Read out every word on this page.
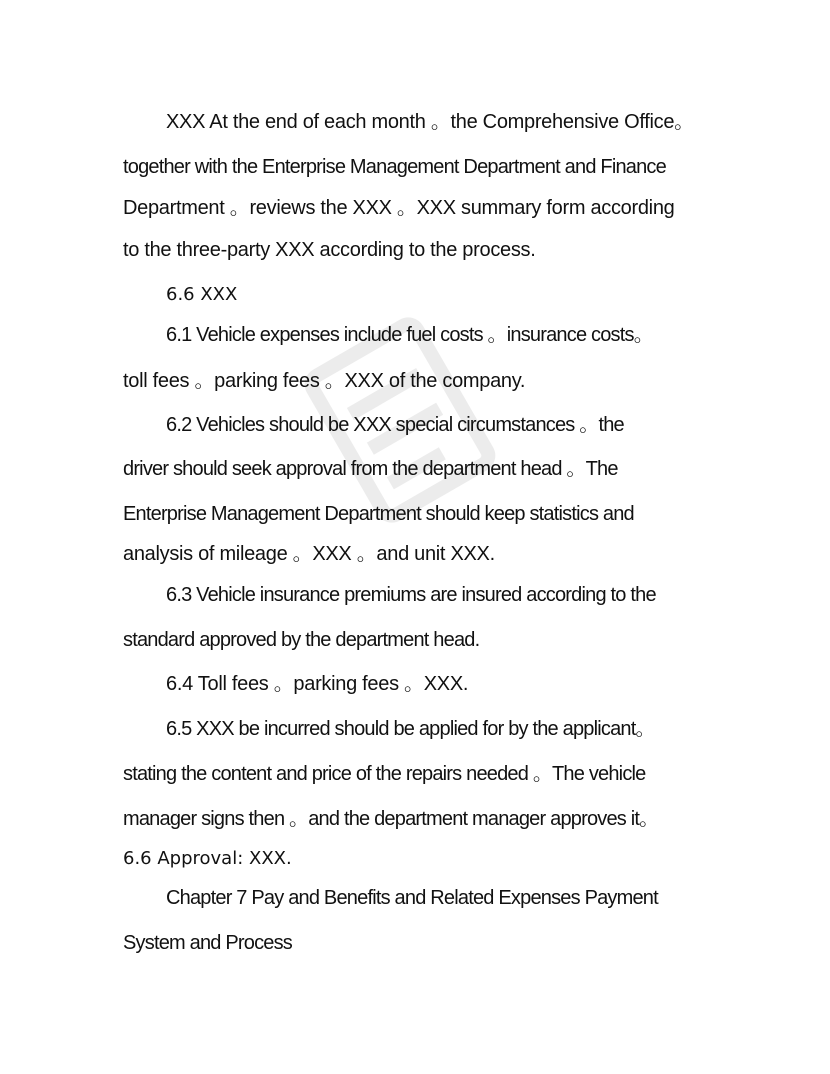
XXX At the end of each month 。the Comprehensive Office。
together with the Enterprise Management Department and Finance
Department 。reviews the XXX 。XXX summary form according
to the three-party XXX according to the process.
6.6 XXX
6.1 Vehicle expenses include fuel costs 。insurance costs。
toll fees 。parking fees 。XXX of the company.
6.2 Vehicles should be XXX special circumstances 。the
driver should seek approval from the department head 。The
Enterprise Management Department should keep statistics and
analysis of mileage 。XXX 。and unit XXX.
6.3 Vehicle insurance premiums are insured according to the
standard approved by the department head.
6.4 Toll fees 。parking fees 。XXX.
6.5 XXX be incurred should be applied for by the applicant。
stating the content and price of the repairs needed 。The vehicle
manager signs then 。and the department manager approves it。
6.6 Approval: XXX.
Chapter 7 Pay and Benefits and Related Expenses Payment
System and Process
